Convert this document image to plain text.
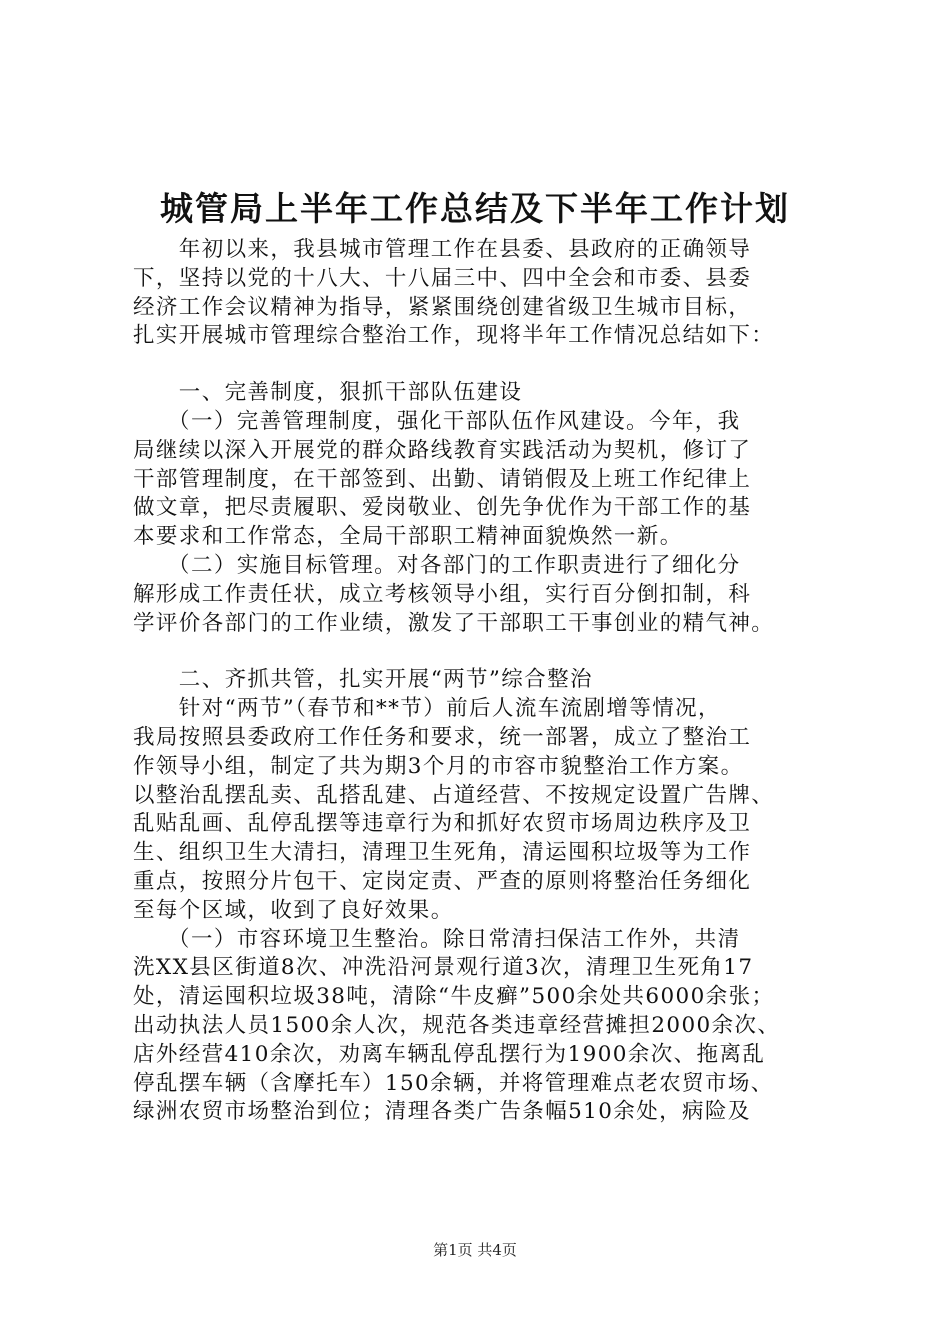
城管局上半年工作总结及下半年工作计划
　　年初以来，我县城市管理工作在县委、县政府的正确领导
下，坚持以党的十八大、十八届三中、四中全会和市委、县委
经济工作会议精神为指导，紧紧围绕创建省级卫生城市目标，
扎实开展城市管理综合整治工作，现将半年工作情况总结如下：
　　一、完善制度，狠抓干部队伍建设
　　（一）完善管理制度，强化干部队伍作风建设。今年，我
局继续以深入开展党的群众路线教育实践活动为契机，修订了
干部管理制度，在干部签到、出勤、请销假及上班工作纪律上
做文章，把尽责履职、爱岗敬业、创先争优作为干部工作的基
本要求和工作常态，全局干部职工精神面貌焕然一新。
　　（二）实施目标管理。对各部门的工作职责进行了细化分
解形成工作责任状，成立考核领导小组，实行百分倒扣制，科
学评价各部门的工作业绩，激发了干部职工干事创业的精气神。
　　二、齐抓共管，扎实开展“两节”综合整治
　　针对“两节”（春节和**节）前后人流车流剧增等情况，
我局按照县委政府工作任务和要求，统一部署，成立了整治工
作领导小组，制定了共为期3个月的市容市貌整治工作方案。
以整治乱摆乱卖、乱搭乱建、占道经营、不按规定设置广告牌、
乱贴乱画、乱停乱摆等违章行为和抓好农贸市场周边秩序及卫
生、组织卫生大清扫，清理卫生死角，清运囤积垃圾等为工作
重点，按照分片包干、定岗定责、严查的原则将整治任务细化
至每个区域，收到了良好效果。
　　（一）市容环境卫生整治。除日常清扫保洁工作外，共清
洗XX县区街道8次、冲洗沿河景观行道3次，清理卫生死角17
处，清运囤积垃圾38吨，清除“牛皮癣”500余处共6000余张；
出动执法人员1500余人次，规范各类违章经营摊担2000余次、
店外经营410余次，劝离车辆乱停乱摆行为1900余次、拖离乱
停乱摆车辆（含摩托车）150余辆，并将管理难点老农贸市场、
绿洲农贸市场整治到位；清理各类广告条幅510余处，病险及
第1页 共4页
